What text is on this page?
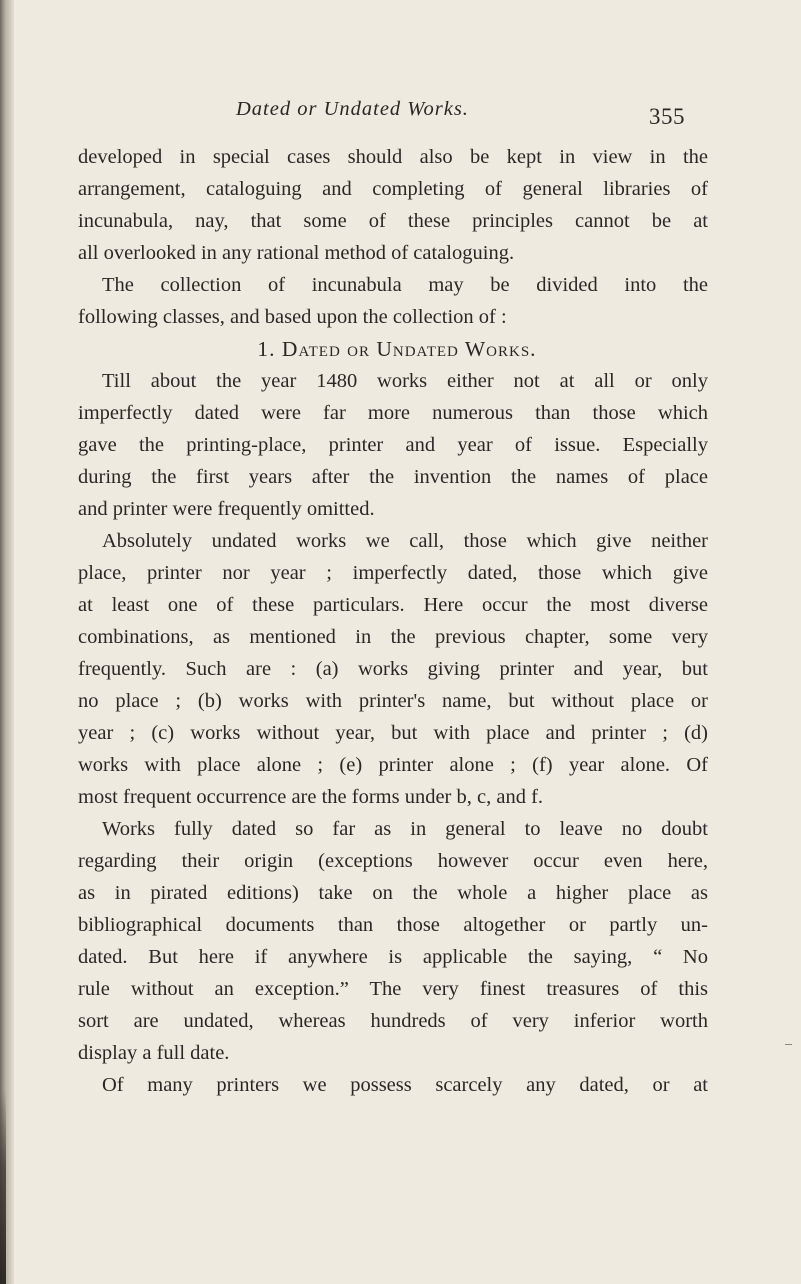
Dated or Undated Works.	355
developed in special cases should also be kept in view in the
arrangement, cataloguing and completing of general libraries of
incunabula, nay, that some of these principles cannot be at
all overlooked in any rational method of cataloguing.
The collection of incunabula may be divided into the
following classes, and based upon the collection of :
1. Dated or Undated Works.
Till about the year 1480 works either not at all or only
imperfectly dated were far more numerous than those which
gave the printing-place, printer and year of issue. Especially
during the first years after the invention the names of place
and printer were frequently omitted.
Absolutely undated works we call, those which give neither
place, printer nor year ; imperfectly dated, those which give
at least one of these particulars. Here occur the most diverse
combinations, as mentioned in the previous chapter, some very
frequently. Such are : (a) works giving printer and year, but
no place ; (b) works with printer's name, but without place or
year ; (c) works without year, but with place and printer ; (d)
works with place alone ; (e) printer alone ; (f) year alone. Of
most frequent occurrence are the forms under b, c, and f.
Works fully dated so far as in general to leave no doubt
regarding their origin (exceptions however occur even here,
as in pirated editions) take on the whole a higher place as
bibliographical documents than those altogether or partly un-
dated. But here if anywhere is applicable the saying, “ No
rule without an exception.” The very finest treasures of this
sort are undated, whereas hundreds of very inferior worth
display a full date.
Of many printers we possess scarcely any dated, or at
